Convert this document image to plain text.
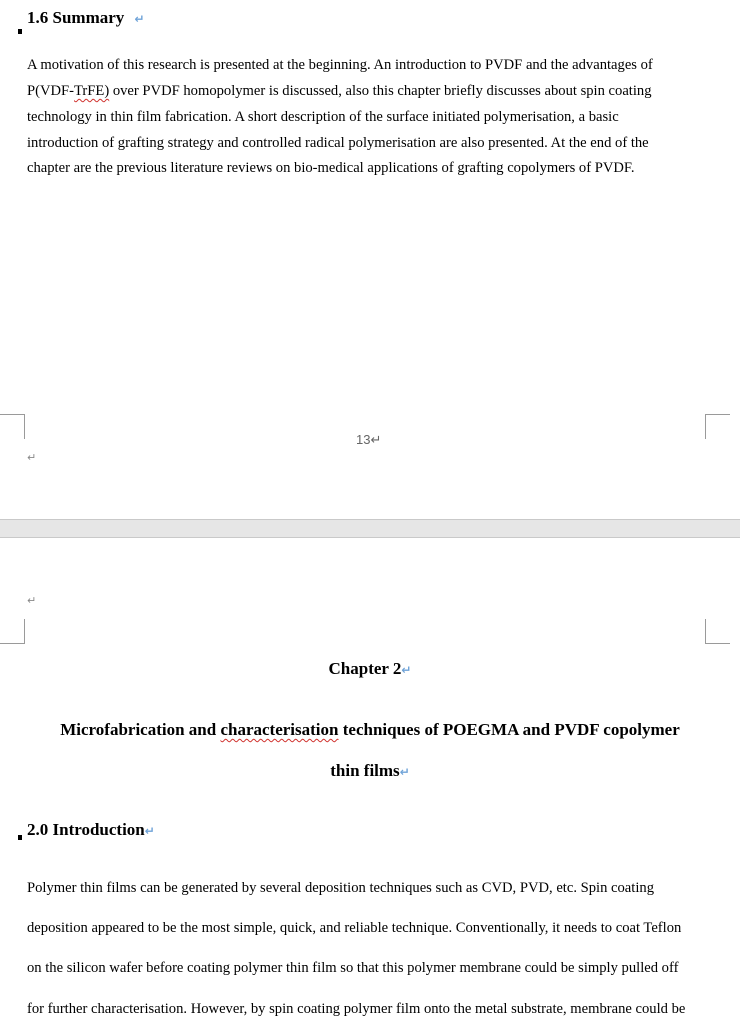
1.6 Summary ↵
A motivation of this research is presented at the beginning. An introduction to PVDF and the advantages of
P(VDF-TrFE) over PVDF homopolymer is discussed, also this chapter briefly discusses about spin coating
technology in thin film fabrication. A short description of the surface initiated polymerisation, a basic
introduction of grafting strategy and controlled radical polymerisation are also presented. At the end of the
chapter are the previous literature reviews on bio-medical applications of grafting copolymers of PVDF.
13↵
↵
↵
Chapter 2↵
Microfabrication and characterisation techniques of POEGMA and PVDF copolymer
thin films↵
2.0 Introduction↵
Polymer thin films can be generated by several deposition techniques such as CVD, PVD, etc. Spin coating
deposition appeared to be the most simple, quick, and reliable technique. Conventionally, it needs to coat Teflon
on the silicon wafer before coating polymer thin film so that this polymer membrane could be simply pulled off
for further characterisation. However, by spin coating polymer film onto the metal substrate, membrane could be
